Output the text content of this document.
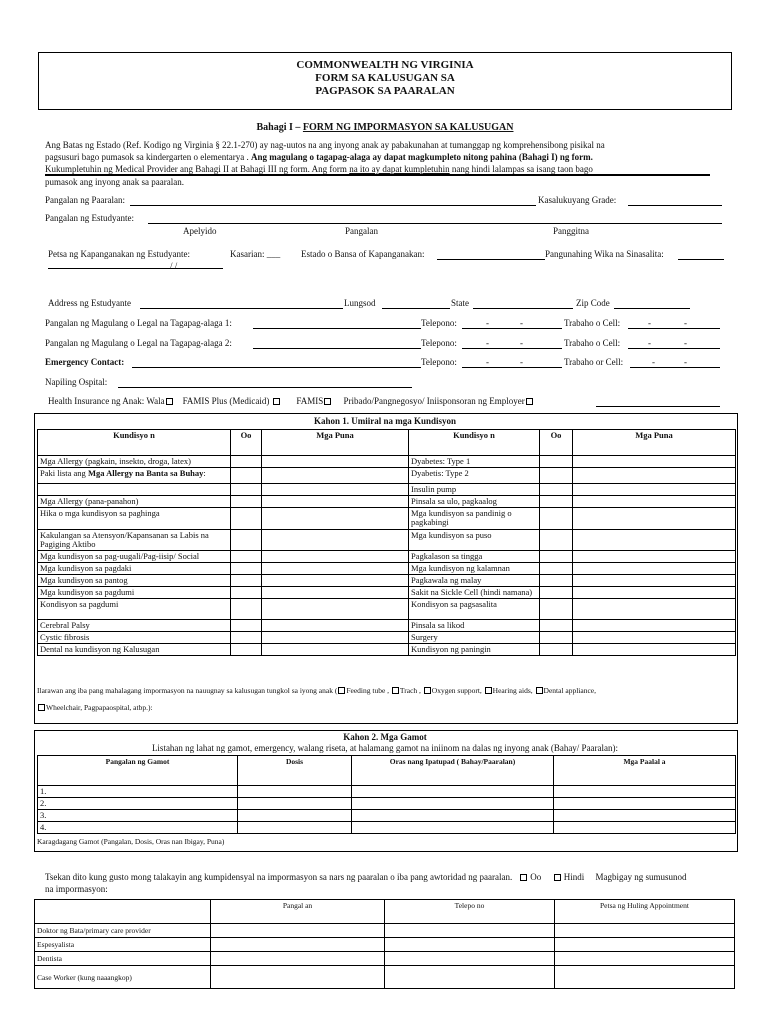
COMMONWEALTH NG VIRGINIA
FORM SA KALUSUGAN SA
PAGPASOK SA PAARALAN
Bahagi I – FORM NG IMPORMASYON SA KALUSUGAN
Ang Batas ng Estado (Ref. Kodigo ng Virginia § 22.1-270) ay nag-uutos na ang inyong anak ay pabakunahan at tumanggap ng komprehensibong pisikal na
pagsusuri bago pumasok sa kindergarten o elementarya . Ang magulang o tagapag-alaga ay dapat magkumpleto nitong pahina (Bahagi I) ng form.
Kukumpletuhin ng Medical Provider ang Bahagi II at Bahagi III ng form. Ang form na ito ay dapat kumpletuhin nang hindi lalampas sa isang taon bago
pumasok ang inyong anak sa paaralan.
Pangalan ng Paaralan:	Kasalukuyang Grade:
Pangalan ng Estudyante:
Apelyido	Pangalan	Panggitna
Petsa ng Kapanganakan ng Estudyante:
/ /
Kasarian: ___ Estado o Bansa of Kapanganakan:	Pangunahing Wika na Sinasalita:
Address ng Estudyante	Lungsod	State	Zip Code
Pangalan ng Magulang o Legal na Tagapag-alaga 1:	Telepono:	-	-	Trabaho o Cell:	-	-
Pangalan ng Magulang o Legal na Tagapag-alaga 2:	Telepono:	-	-	Trabaho o Cell:	-	-
Emergency Contact:	Telepono:	-	-	Trabaho or Cell:	-	-
Napiling Ospital:
Health Insurance ng Anak: Wala FAMIS Plus (Medicaid)	FAMIS Pribado/Pangnegosyo/ Iniisponsoran ng Employer
Kahon 1. Umiiral na mga Kundisyon
Kundisyo n	Oo	Mga Puna	Kundisyo n	Oo	Mga Puna
Mga Allergy (pagkain, insekto, droga, latex)			Dyabetes: Type 1		
Paki lista ang Mga Allergy na Banta sa Buhay:			Dyabetis: Type 2		
			Insulin pump		
Mga Allergy (pana-panahon)			Pinsala sa ulo, pagkaalog		
Hika o mga kundisyon sa paghinga			Mga kundisyon sa pandinig o pagkabingi		
Kakulangan sa Atensyon/Kapansanan sa Labis na Pagiging Aktibo			Mga kundisyon sa puso		
Mga kundisyon sa pag-uugali/Pag-iisip/ Social			Pagkalason sa tingga		
Mga kundisyon sa pagdaki			Mga kundisyon ng kalamnan		
Mga kundisyon sa pantog			Pagkawala ng malay		
Mga kundisyon sa pagdumi			Sakit na Sickle Cell (hindi namana)		
Kondisyon sa pagdumi			Kondisyon sa pagsasalita		
Cerebral Palsy			Pinsala sa likod		
Cystic fibrosis			Surgery		
Dental na kundisyon ng Kalusugan			Kundisyon ng paningin		
Ilarawan ang iba pang mahalagang impormasyon na nauugnay sa kalusugan tungkol sa iyong anak ( Feeding tube , Trach , Oxygen support, Hearing aids, Dental appliance,
Wheelchair, Pagpapaospital, atbp.):
Kahon 2. Mga Gamot
Listahan ng lahat ng gamot, emergency, walang riseta, at halamang gamot na iniinom na dalas ng inyong anak (Bahay/ Paaralan):
Pangalan ng Gamot	Dosis	Oras nang Ipatupad ( Bahay/Paaralan)	Mga Paalal a
1.			
2.			
3.			
4.			
Karagdagang Gamot (Pangalan, Dosis, Oras nan Ibigay, Puna)
Tsekan dito kung gusto mong talakayin ang kumpidensyal na impormasyon sa nars ng paaralan o iba pang awtoridad ng paaralan. Oo	Hindi Magbigay ng sumusunod
na impormasyon:
	Pangal an	Telepo no	Petsa ng Huling Appointment
Doktor ng Bata/primary care provider			
Espesyalista			
Dentista			
Case Worker (kung naaangkop)			
